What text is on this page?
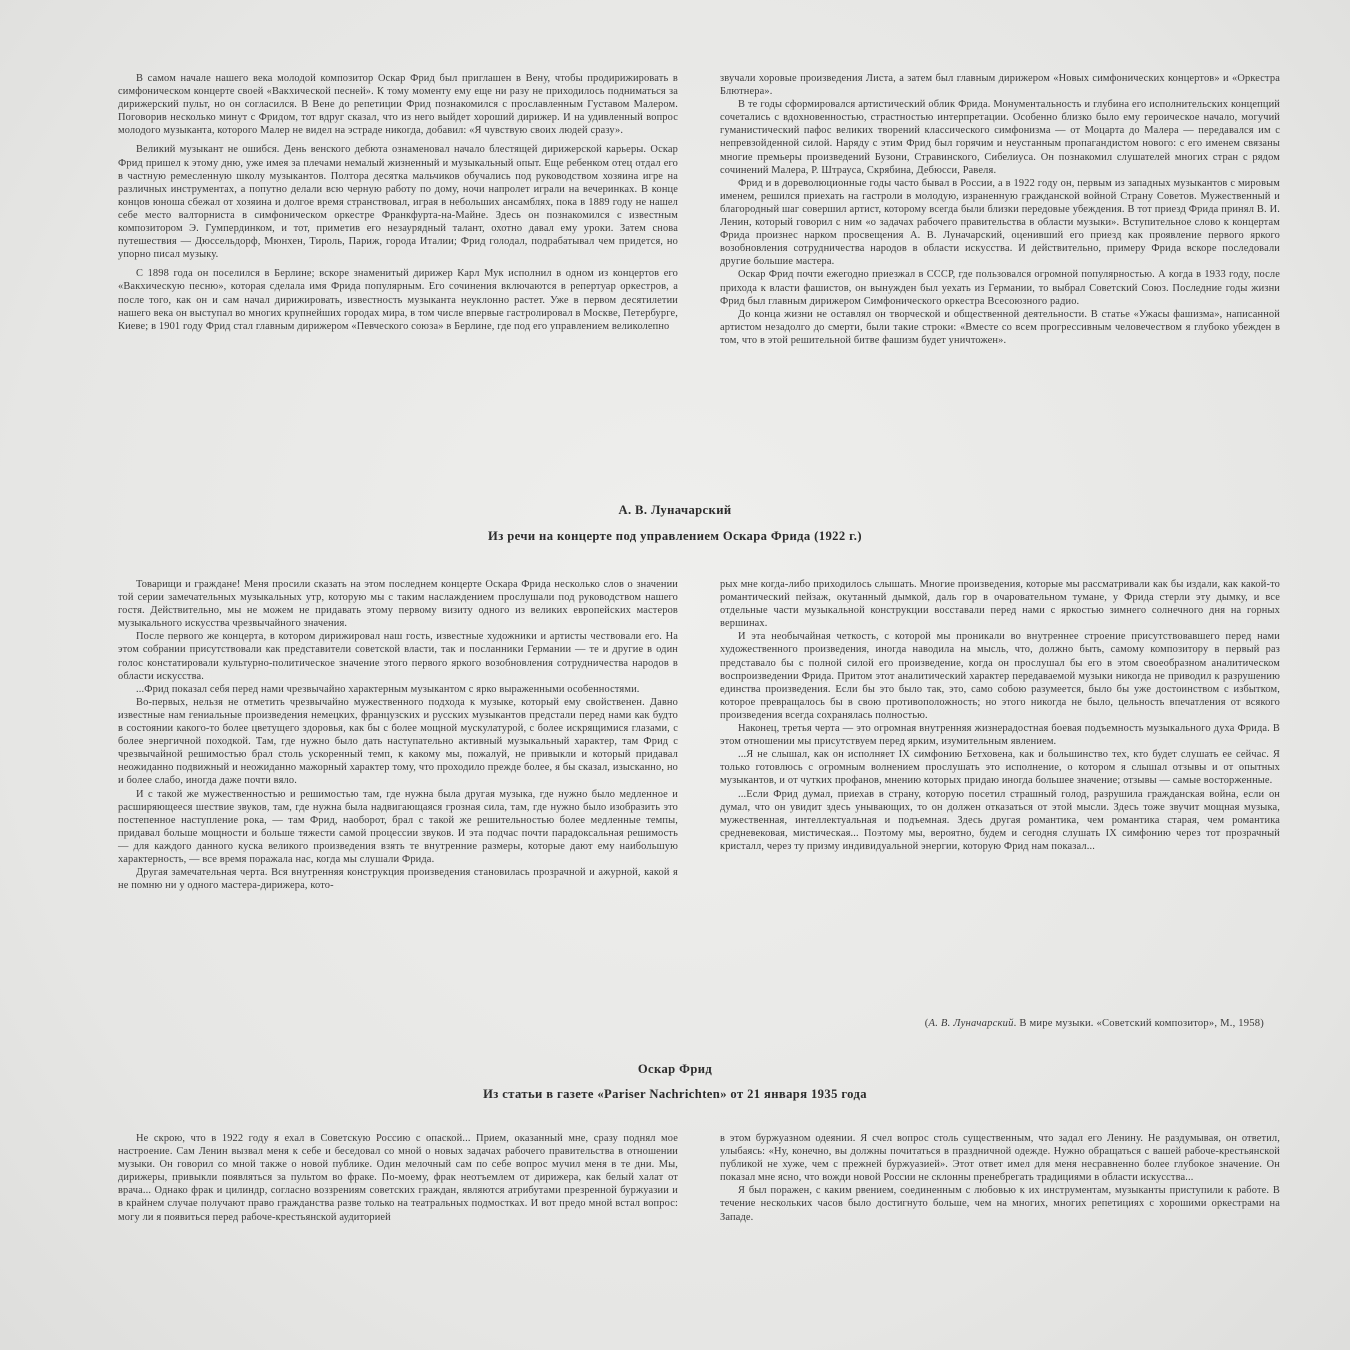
В самом начале нашего века молодой композитор Оскар Фрид был приглашен в Вену, чтобы продирижировать в симфоническом концерте своей «Вакхической песней». К тому моменту ему еще ни разу не приходилось подниматься за дирижерский пульт, но он согласился. В Вене до репетиции Фрид познакомился с прославленным Густавом Малером. Поговорив несколько минут с Фридом, тот вдруг сказал, что из него выйдет хороший дирижер. И на удивленный вопрос молодого музыканта, которого Малер не видел на эстраде никогда, добавил: «Я чувствую своих людей сразу».

Великий музыкант не ошибся. День венского дебюта ознаменовал начало блестящей дирижерской карьеры. Оскар Фрид пришел к этому дню, уже имея за плечами немалый жизненный и музыкальный опыт. Еще ребенком отец отдал его в частную ремесленную школу музыкантов. Полтора десятка мальчиков обучались под руководством хозяина игре на различных инструментах, а попутно делали всю черную работу по дому, ночи напролет играли на вечеринках. В конце концов юноша сбежал от хозяина и долгое время странствовал, играя в небольших ансамблях, пока в 1889 году не нашел себе место валторниста в симфоническом оркестре Франкфурта-на-Майне. Здесь он познакомился с известным композитором Э. Гумпердинком, и тот, приметив его незаурядный талант, охотно давал ему уроки. Затем снова путешествия — Дюссельдорф, Мюнхен, Тироль, Париж, города Италии; Фрид голодал, подрабатывал чем придется, но упорно писал музыку.

С 1898 года он поселился в Берлине; вскоре знаменитый дирижер Карл Мук исполнил в одном из концертов его «Вакхическую песню», которая сделала имя Фрида популярным. Его сочинения включаются в репертуар оркестров, а после того, как он и сам начал дирижировать, известность музыканта неуклонно растет. Уже в первом десятилетии нашего века он выступал во многих крупнейших городах мира, в том числе впервые гастролировал в Москве, Петербурге, Киеве; в 1901 году Фрид стал главным дирижером «Певческого союза» в Берлине, где под его управлением великолепно

звучали хоровые произведения Листа, а затем был главным дирижером «Новых симфонических концертов» и «Оркестра Блютнера».

В те годы сформировался артистический облик Фрида. Монументальность и глубина его исполнительских концепций сочетались с вдохновенностью, страстностью интерпретации. Особенно близко было ему героическое начало, могучий гуманистический пафос великих творений классического симфонизма — от Моцарта до Малера — передавался им с непревзойденной силой. Наряду с этим Фрид был горячим и неустанным пропагандистом нового: с его именем связаны многие премьеры произведений Бузони, Стравинского, Сибелиуса. Он познакомил слушателей многих стран с рядом сочинений Малера, Р. Штрауса, Скрябина, Дебюсси, Равеля.

Фрид и в дореволюционные годы часто бывал в России, а в 1922 году он, первым из западных музыкантов с мировым именем, решился приехать на гастроли в молодую, израненную гражданской войной Страну Советов. Мужественный и благородный шаг совершил артист, которому всегда были близки передовые убеждения. В тот приезд Фрида принял В. И. Ленин, который говорил с ним «о задачах рабочего правительства в области музыки». Вступительное слово к концертам Фрида произнес нарком просвещения А. В. Луначарский, оценивший его приезд как проявление первого яркого возобновления сотрудничества народов в области искусства. И действительно, примеру Фрида вскоре последовали другие большие мастера.

Оскар Фрид почти ежегодно приезжал в СССР, где пользовался огромной популярностью. А когда в 1933 году, после прихода к власти фашистов, он вынужден был уехать из Германии, то выбрал Советский Союз. Последние годы жизни Фрид был главным дирижером Симфонического оркестра Всесоюзного радио.

До конца жизни не оставлял он творческой и общественной деятельности. В статье «Ужасы фашизма», написанной артистом незадолго до смерти, были такие строки: «Вместе со всем прогрессивным человечеством я глубоко убежден в том, что в этой решительной битве фашизм будет уничтожен».

А. В. Луначарский
Из речи на концерте под управлением Оскара Фрида (1922 г.)

Товарищи и граждане! Меня просили сказать на этом последнем концерте Оскара Фрида несколько слов о значении той серии замечательных музыкальных утр, которую мы с таким наслаждением прослушали под руководством нашего гостя. Действительно, мы не можем не придавать этому первому визиту одного из великих европейских мастеров музыкального искусства чрезвычайного значения.

После первого же концерта, в котором дирижировал наш гость, известные художники и артисты чествовали его. На этом собрании присутствовали как представители советской власти, так и посланники Германии — те и другие в один голос констатировали культурно-политическое значение этого первого яркого возобновления сотрудничества народов в области искусства.

...Фрид показал себя перед нами чрезвычайно характерным музыкантом с ярко выраженными особенностями.

Во-первых, нельзя не отметить чрезвычайно мужественного подхода к музыке, который ему свойственен. Давно известные нам гениальные произведения немецких, французских и русских музыкантов предстали перед нами как будто в состоянии какого-то более цветущего здоровья, как бы с более мощной мускулатурой, с более искрящимися глазами, с более энергичной походкой. Там, где нужно было дать наступательно активный музыкальный характер, там Фрид с чрезвычайной решимостью брал столь ускоренный темп, к какому мы, пожалуй, не привыкли и который придавал неожиданно подвижный и неожиданно мажорный характер тому, что проходило прежде более, я бы сказал, изысканно, но и более слабо, иногда даже почти вяло.

И с такой же мужественностью и решимостью там, где нужна была другая музыка, где нужно было медленное и расширяющееся шествие звуков, там, где нужна была надвигающаяся грозная сила, там, где нужно было изобразить это постепенное наступление рока, — там Фрид, наоборот, брал с такой же решительностью более медленные темпы, придавал больше мощности и больше тяжести самой процессии звуков. И эта подчас почти парадоксальная решимость — для каждого данного куска великого произведения взять те внутренние размеры, которые дают ему наибольшую характерность, — все время поражала нас, когда мы слушали Фрида.

Другая замечательная черта. Вся внутренняя конструкция произведения становилась прозрачной и ажурной, какой я не помню ни у одного мастера-дирижера, кото-

рых мне когда-либо приходилось слышать. Многие произведения, которые мы рассматривали как бы издали, как какой-то романтический пейзаж, окутанный дымкой, даль гор в очаровательном тумане, у Фрида стерли эту дымку, и все отдельные части музыкальной конструкции восставали перед нами с яркостью зимнего солнечного дня на горных вершинах.

И эта необычайная четкость, с которой мы проникали во внутреннее строение присутствовавшего перед нами художественного произведения, иногда наводила на мысль, что, должно быть, самому композитору в первый раз представало бы с полной силой его произведение, когда он прослушал бы его в этом своеобразном аналитическом воспроизведении Фрида. Притом этот аналитический характер передаваемой музыки никогда не приводил к разрушению единства произведения. Если бы это было так, это, само собою разумеется, было бы уже достоинством с избытком, которое превращалось бы в свою противоположность; но этого никогда не было, цельность впечатления от всякого произведения всегда сохранялась полностью.

Наконец, третья черта — это огромная внутренняя жизнерадостная боевая подъемность музыкального духа Фрида. В этом отношении мы присутствуем перед ярким, изумительным явлением.

...Я не слышал, как он исполняет IX симфонию Бетховена, как и большинство тех, кто будет слушать ее сейчас. Я только готовлюсь с огромным волнением прослушать это исполнение, о котором я слышал отзывы и от опытных музыкантов, и от чутких профанов, мнению которых придаю иногда большее значение; отзывы — самые восторженные.

...Если Фрид думал, приехав в страну, которую посетил страшный голод, разрушила гражданская война, если он думал, что он увидит здесь унывающих, то он должен отказаться от этой мысли. Здесь тоже звучит мощная музыка, мужественная, интеллектуальная и подъемная. Здесь другая романтика, чем романтика старая, чем романтика средневековая, мистическая... Поэтому мы, вероятно, будем и сегодня слушать IX симфонию через тот прозрачный кристалл, через ту призму индивидуальной энергии, которую Фрид нам показал...

(А. В. Луначарский. В мире музыки. «Советский композитор», М., 1958)
Оскар Фрид
Из статьи в газете «Pariser Nachrichten» от 21 января 1935 года

Не скрою, что в 1922 году я ехал в Советскую Россию с опаской... Прием, оказанный мне, сразу поднял мое настроение. Сам Ленин вызвал меня к себе и беседовал со мной о новых задачах рабочего правительства в отношении музыки. Он говорил со мной также о новой публике. Один мелочный сам по себе вопрос мучил меня в те дни. Мы, дирижеры, привыкли появляться за пультом во фраке. По-моему, фрак неотъемлем от дирижера, как белый халат от врача... Однако фрак и цилиндр, согласно воззрениям советских граждан, являются атрибутами презренной буржуазии и в крайнем случае получают право гражданства разве только на театральных подмостках. И вот предо мной встал вопрос: могу ли я появиться перед рабоче-крестьянской аудиторией

в этом буржуазном одеянии. Я счел вопрос столь существенным, что задал его Ленину. Не раздумывая, он ответил, улыбаясь: «Ну, конечно, вы должны почитаться в праздничной одежде. Нужно обращаться с вашей рабоче-крестьянской публикой не хуже, чем с прежней буржуазией». Этот ответ имел для меня несравненно более глубокое значение. Он показал мне ясно, что вожди новой России не склонны пренебрегать традициями в области искусства...

Я был поражен, с каким рвением, соединенным с любовью к их инструментам, музыканты приступили к работе. В течение нескольких часов было достигнуто больше, чем на многих, многих репетициях с хорошими оркестрами на Западе.
